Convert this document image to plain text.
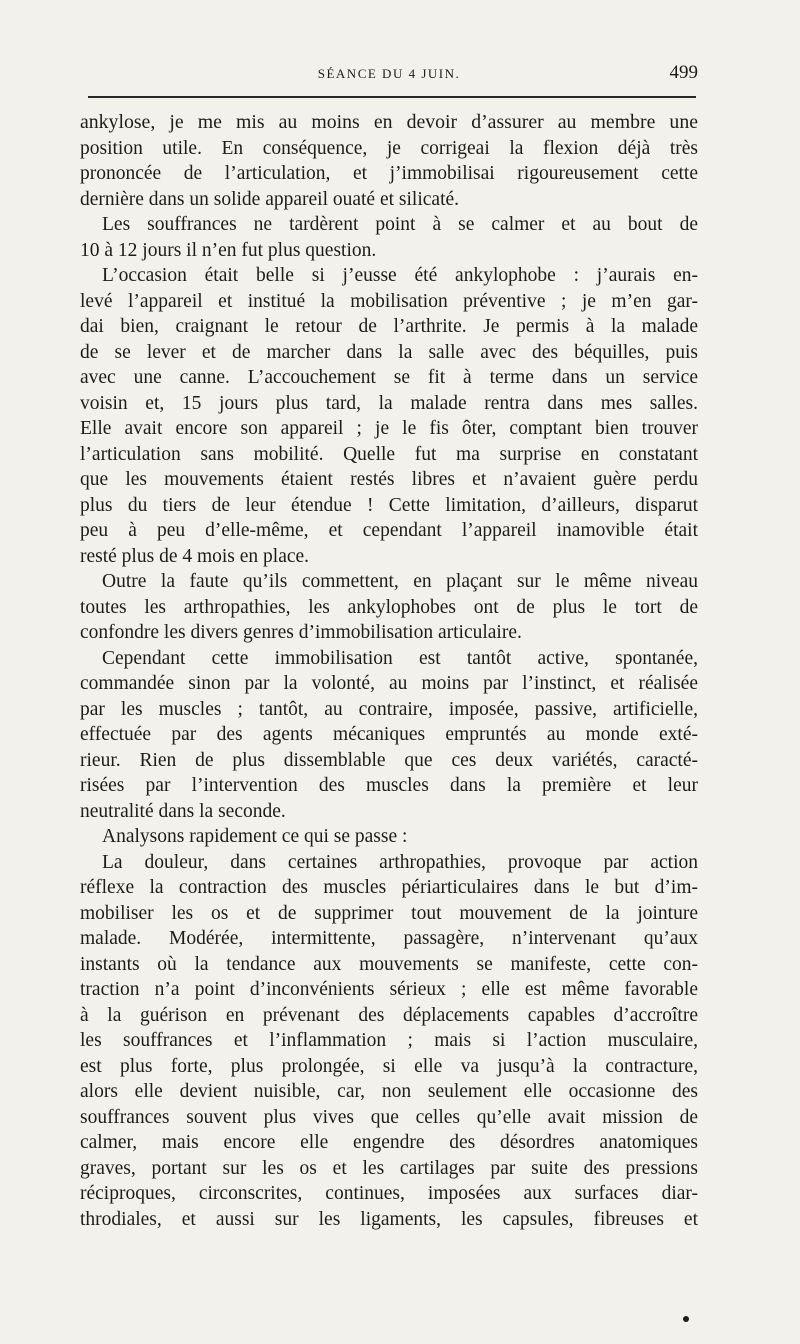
SÉANCE DU 4 JUIN.	499
ankylose, je me mis au moins en devoir d’assurer au membre une
position utile. En conséquence, je corrigeai la flexion déjà très
prononcée de l’articulation, et j’immobilisai rigoureusement cette
dernière dans un solide appareil ouaté et silicaté.
Les souffrances ne tardèrent point à se calmer et au bout de
10 à 12 jours il n’en fut plus question.
L’occasion était belle si j’eusse été ankylophobe : j’aurais en-
levé l’appareil et institué la mobilisation préventive ; je m’en gar-
dai bien, craignant le retour de l’arthrite. Je permis à la malade
de se lever et de marcher dans la salle avec des béquilles, puis
avec une canne. L’accouchement se fit à terme dans un service
voisin et, 15 jours plus tard, la malade rentra dans mes salles.
Elle avait encore son appareil ; je le fis ôter, comptant bien trouver
l’articulation sans mobilité. Quelle fut ma surprise en constatant
que les mouvements étaient restés libres et n’avaient guère perdu
plus du tiers de leur étendue ! Cette limitation, d’ailleurs, disparut
peu à peu d’elle-même, et cependant l’appareil inamovible était
resté plus de 4 mois en place.
Outre la faute qu’ils commettent, en plaçant sur le même niveau
toutes les arthropathies, les ankylophobes ont de plus le tort de
confondre les divers genres d’immobilisation articulaire.
Cependant cette immobilisation est tantôt active, spontanée,
commandée sinon par la volonté, au moins par l’instinct, et réalisée
par les muscles ; tantôt, au contraire, imposée, passive, artificielle,
effectuée par des agents mécaniques empruntés au monde exté-
rieur. Rien de plus dissemblable que ces deux variétés, caracté-
risées par l’intervention des muscles dans la première et leur
neutralité dans la seconde.
Analysons rapidement ce qui se passe :
La douleur, dans certaines arthropathies, provoque par action
réflexe la contraction des muscles périarticulaires dans le but d’im-
mobiliser les os et de supprimer tout mouvement de la jointure
malade. Modérée, intermittente, passagère, n’intervenant qu’aux
instants où la tendance aux mouvements se manifeste, cette con-
traction n’a point d’inconvénients sérieux ; elle est même favorable
à la guérison en prévenant des déplacements capables d’accroître
les souffrances et l’inflammation ; mais si l’action musculaire,
est plus forte, plus prolongée, si elle va jusqu’à la contracture,
alors elle devient nuisible, car, non seulement elle occasionne des
souffrances souvent plus vives que celles qu’elle avait mission de
calmer, mais encore elle engendre des désordres anatomiques
graves, portant sur les os et les cartilages par suite des pressions
réciproques, circonscrites, continues, imposées aux surfaces diar-
throdiales, et aussi sur les ligaments, les capsules, fibreuses et
